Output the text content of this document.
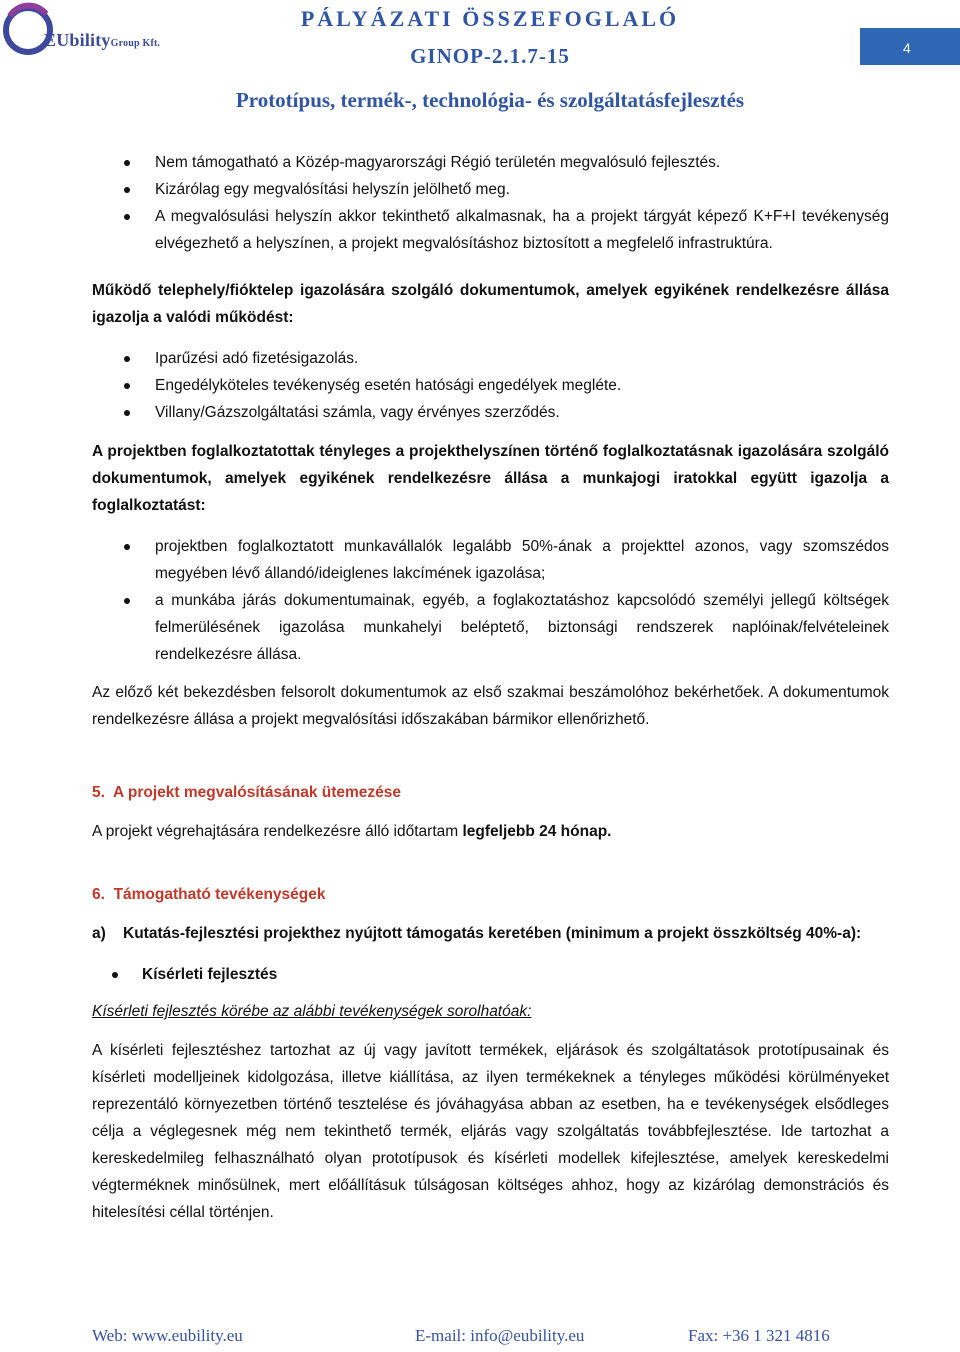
EUbilityGroup Kft.
PÁLYÁZATI ÖSSZEFOGLALÓ
GINOP-2.1.7-15
Prototípus, termék-, technológia- és szolgáltatásfejlesztés
4
Nem támogatható a Közép-magyarországi Régió területén megvalósuló fejlesztés.
Kizárólag egy megvalósítási helyszín jelölhető meg.
A megvalósulási helyszín akkor tekinthető alkalmasnak, ha a projekt tárgyát képező K+F+I tevékenység elvégezhető a helyszínen, a projekt megvalósításhoz biztosított a megfelelő infrastruktúra.

Működő telephely/fióktelep igazolására szolgáló dokumentumok, amelyek egyikének rendelkezésre állása igazolja a valódi működést:

Iparűzési adó fizetésigazolás.
Engedélyköteles tevékenység esetén hatósági engedélyek megléte.
Villany/Gázszolgáltatási számla, vagy érvényes szerződés.

A projektben foglalkoztatottak tényleges a projekthelyszínen történő foglalkoztatásnak igazolására szolgáló dokumentumok, amelyek egyikének rendelkezésre állása a munkajogi iratokkal együtt igazolja a foglalkoztatást:

projektben foglalkoztatott munkavállalók legalább 50%-ának a projekttel azonos, vagy szomszédos megyében lévő állandó/ideiglenes lakcímének igazolása;
a munkába járás dokumentumainak, egyéb, a foglakoztatáshoz kapcsolódó személyi jellegű költségek felmerülésének igazolása munkahelyi beléptető, biztonsági rendszerek naplóinak/felvételeinek rendelkezésre állása.

Az előző két bekezdésben felsorolt dokumentumok az első szakmai beszámolóhoz bekérhetőek. A dokumentumok rendelkezésre állása a projekt megvalósítási időszakában bármikor ellenőrizhető.

5. A projekt megvalósításának ütemezése

A projekt végrehajtására rendelkezésre álló időtartam legfeljebb 24 hónap.

6. Támogatható tevékenységek

a) Kutatás-fejlesztési projekthez nyújtott támogatás keretében (minimum a projekt összköltség 40%-a):
Kísérleti fejlesztés

Kísérleti fejlesztés körébe az alábbi tevékenységek sorolhatóak:

A kísérleti fejlesztéshez tartozhat az új vagy javított termékek, eljárások és szolgáltatások prototípusainak és kísérleti modelljeinek kidolgozása, illetve kiállítása, az ilyen termékeknek a tényleges működési körülményeket reprezentáló környezetben történő tesztelése és jóváhagyása abban az esetben, ha e tevékenységek elsődleges célja a véglegesnek még nem tekinthető termék, eljárás vagy szolgáltatás továbbfejlesztése. Ide tartozhat a kereskedelmileg felhasználható olyan prototípusok és kísérleti modellek kifejlesztése, amelyek kereskedelmi végterméknek minősülnek, mert előállításuk túlságosan költséges ahhoz, hogy az kizárólag demonstrációs és hitelesítési céllal történjen.

Web: www.eubility.eu	E-mail: info@eubility.eu	Fax: +36 1 321 4816
